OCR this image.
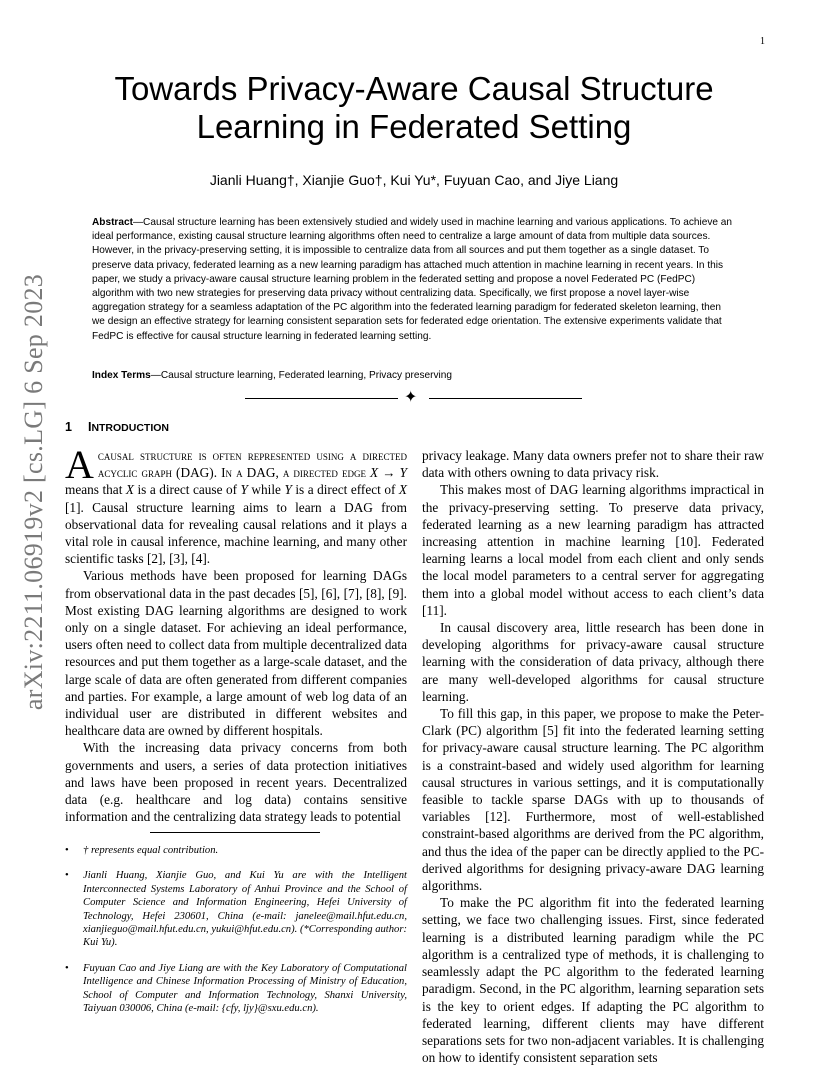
1
arXiv:2211.06919v2 [cs.LG] 6 Sep 2023
Towards Privacy-Aware Causal Structure
Learning in Federated Setting

Jianli Huang†, Xianjie Guo†, Kui Yu*, Fuyuan Cao, and Jiye Liang

Abstract—Causal structure learning has been extensively studied and widely used in machine learning and various applications. To achieve an ideal performance, existing causal structure learning algorithms often need to centralize a large amount of data from multiple data sources. However, in the privacy-preserving setting, it is impossible to centralize data from all sources and put them together as a single dataset. To preserve data privacy, federated learning as a new learning paradigm has attached much attention in machine learning in recent years. In this paper, we study a privacy-aware causal structure learning problem in the federated setting and propose a novel Federated PC (FedPC) algorithm with two new strategies for preserving data privacy without centralizing data. Specifically, we first propose a novel layer-wise aggregation strategy for a seamless adaptation of the PC algorithm into the federated learning paradigm for federated skeleton learning, then we design an effective strategy for learning consistent separation sets for federated edge orientation. The extensive experiments validate that FedPC is effective for causal structure learning in federated learning setting.

Index Terms—Causal structure learning, Federated learning, Privacy preserving

✦
1 INTRODUCTION

Acausal structure is often represented using a directed acyclic graph (DAG). In a DAG, a directed edge X → Y means that X is a direct cause of Y while Y is a direct effect of X [1]. Causal structure learning aims to learn a DAG from observational data for revealing causal relations and it plays a vital role in causal inference, machine learning, and many other scientific tasks [2], [3], [4].

Various methods have been proposed for learning DAGs from observational data in the past decades [5], [6], [7], [8], [9]. Most existing DAG learning algorithms are designed to work only on a single dataset. For achieving an ideal performance, users often need to collect data from multiple decentralized data resources and put them together as a large-scale dataset, and the large scale of data are often generated from different companies and parties. For example, a large amount of web log data of an individual user are distributed in different websites and healthcare data are owned by different hospitals.

With the increasing data privacy concerns from both governments and users, a series of data protection initiatives and laws have been proposed in recent years. Decentralized data (e.g. healthcare and log data) contains sensitive information and the centralizing data strategy leads to potential

privacy leakage. Many data owners prefer not to share their raw data with others owning to data privacy risk.

This makes most of DAG learning algorithms impractical in the privacy-preserving setting. To preserve data privacy, federated learning as a new learning paradigm has attracted increasing attention in machine learning [10]. Federated learning learns a local model from each client and only sends the local model parameters to a central server for aggregating them into a global model without access to each client’s data [11].

In causal discovery area, little research has been done in developing algorithms for privacy-aware causal structure learning with the consideration of data privacy, although there are many well-developed algorithms for causal structure learning.

To fill this gap, in this paper, we propose to make the Peter-Clark (PC) algorithm [5] fit into the federated learning setting for privacy-aware causal structure learning. The PC algorithm is a constraint-based and widely used algorithm for learning causal structures in various settings, and it is computationally feasible to tackle sparse DAGs with up to thousands of variables [12]. Furthermore, most of well-established constraint-based algorithms are derived from the PC algorithm, and thus the idea of the paper can be directly applied to the PC-derived algorithms for designing privacy-aware DAG learning algorithms.

To make the PC algorithm fit into the federated learning setting, we face two challenging issues. First, since federated learning is a distributed learning paradigm while the PC algorithm is a centralized type of methods, it is challenging to seamlessly adapt the PC algorithm to the federated learning paradigm. Second, in the PC algorithm, learning separation sets is the key to orient edges. If adapting the PC algorithm to federated learning, different clients may have different separations sets for two non-adjacent variables. It is challenging on how to identify consistent separation sets

• † represents equal contribution.

• Jianli Huang, Xianjie Guo, and Kui Yu are with the Intelligent Interconnected Systems Laboratory of Anhui Province and the School of Computer Science and Information Engineering, Hefei University of Technology, Hefei 230601, China (e-mail: janelee@mail.hfut.edu.cn, xianjieguo@mail.hfut.edu.cn, yukui@hfut.edu.cn). (*Corresponding author: Kui Yu).

• Fuyuan Cao and Jiye Liang are with the Key Laboratory of Computational Intelligence and Chinese Information Processing of Ministry of Education, School of Computer and Information Technology, Shanxi University, Taiyuan 030006, China (e-mail: {cfy, ljy}@sxu.edu.cn).
